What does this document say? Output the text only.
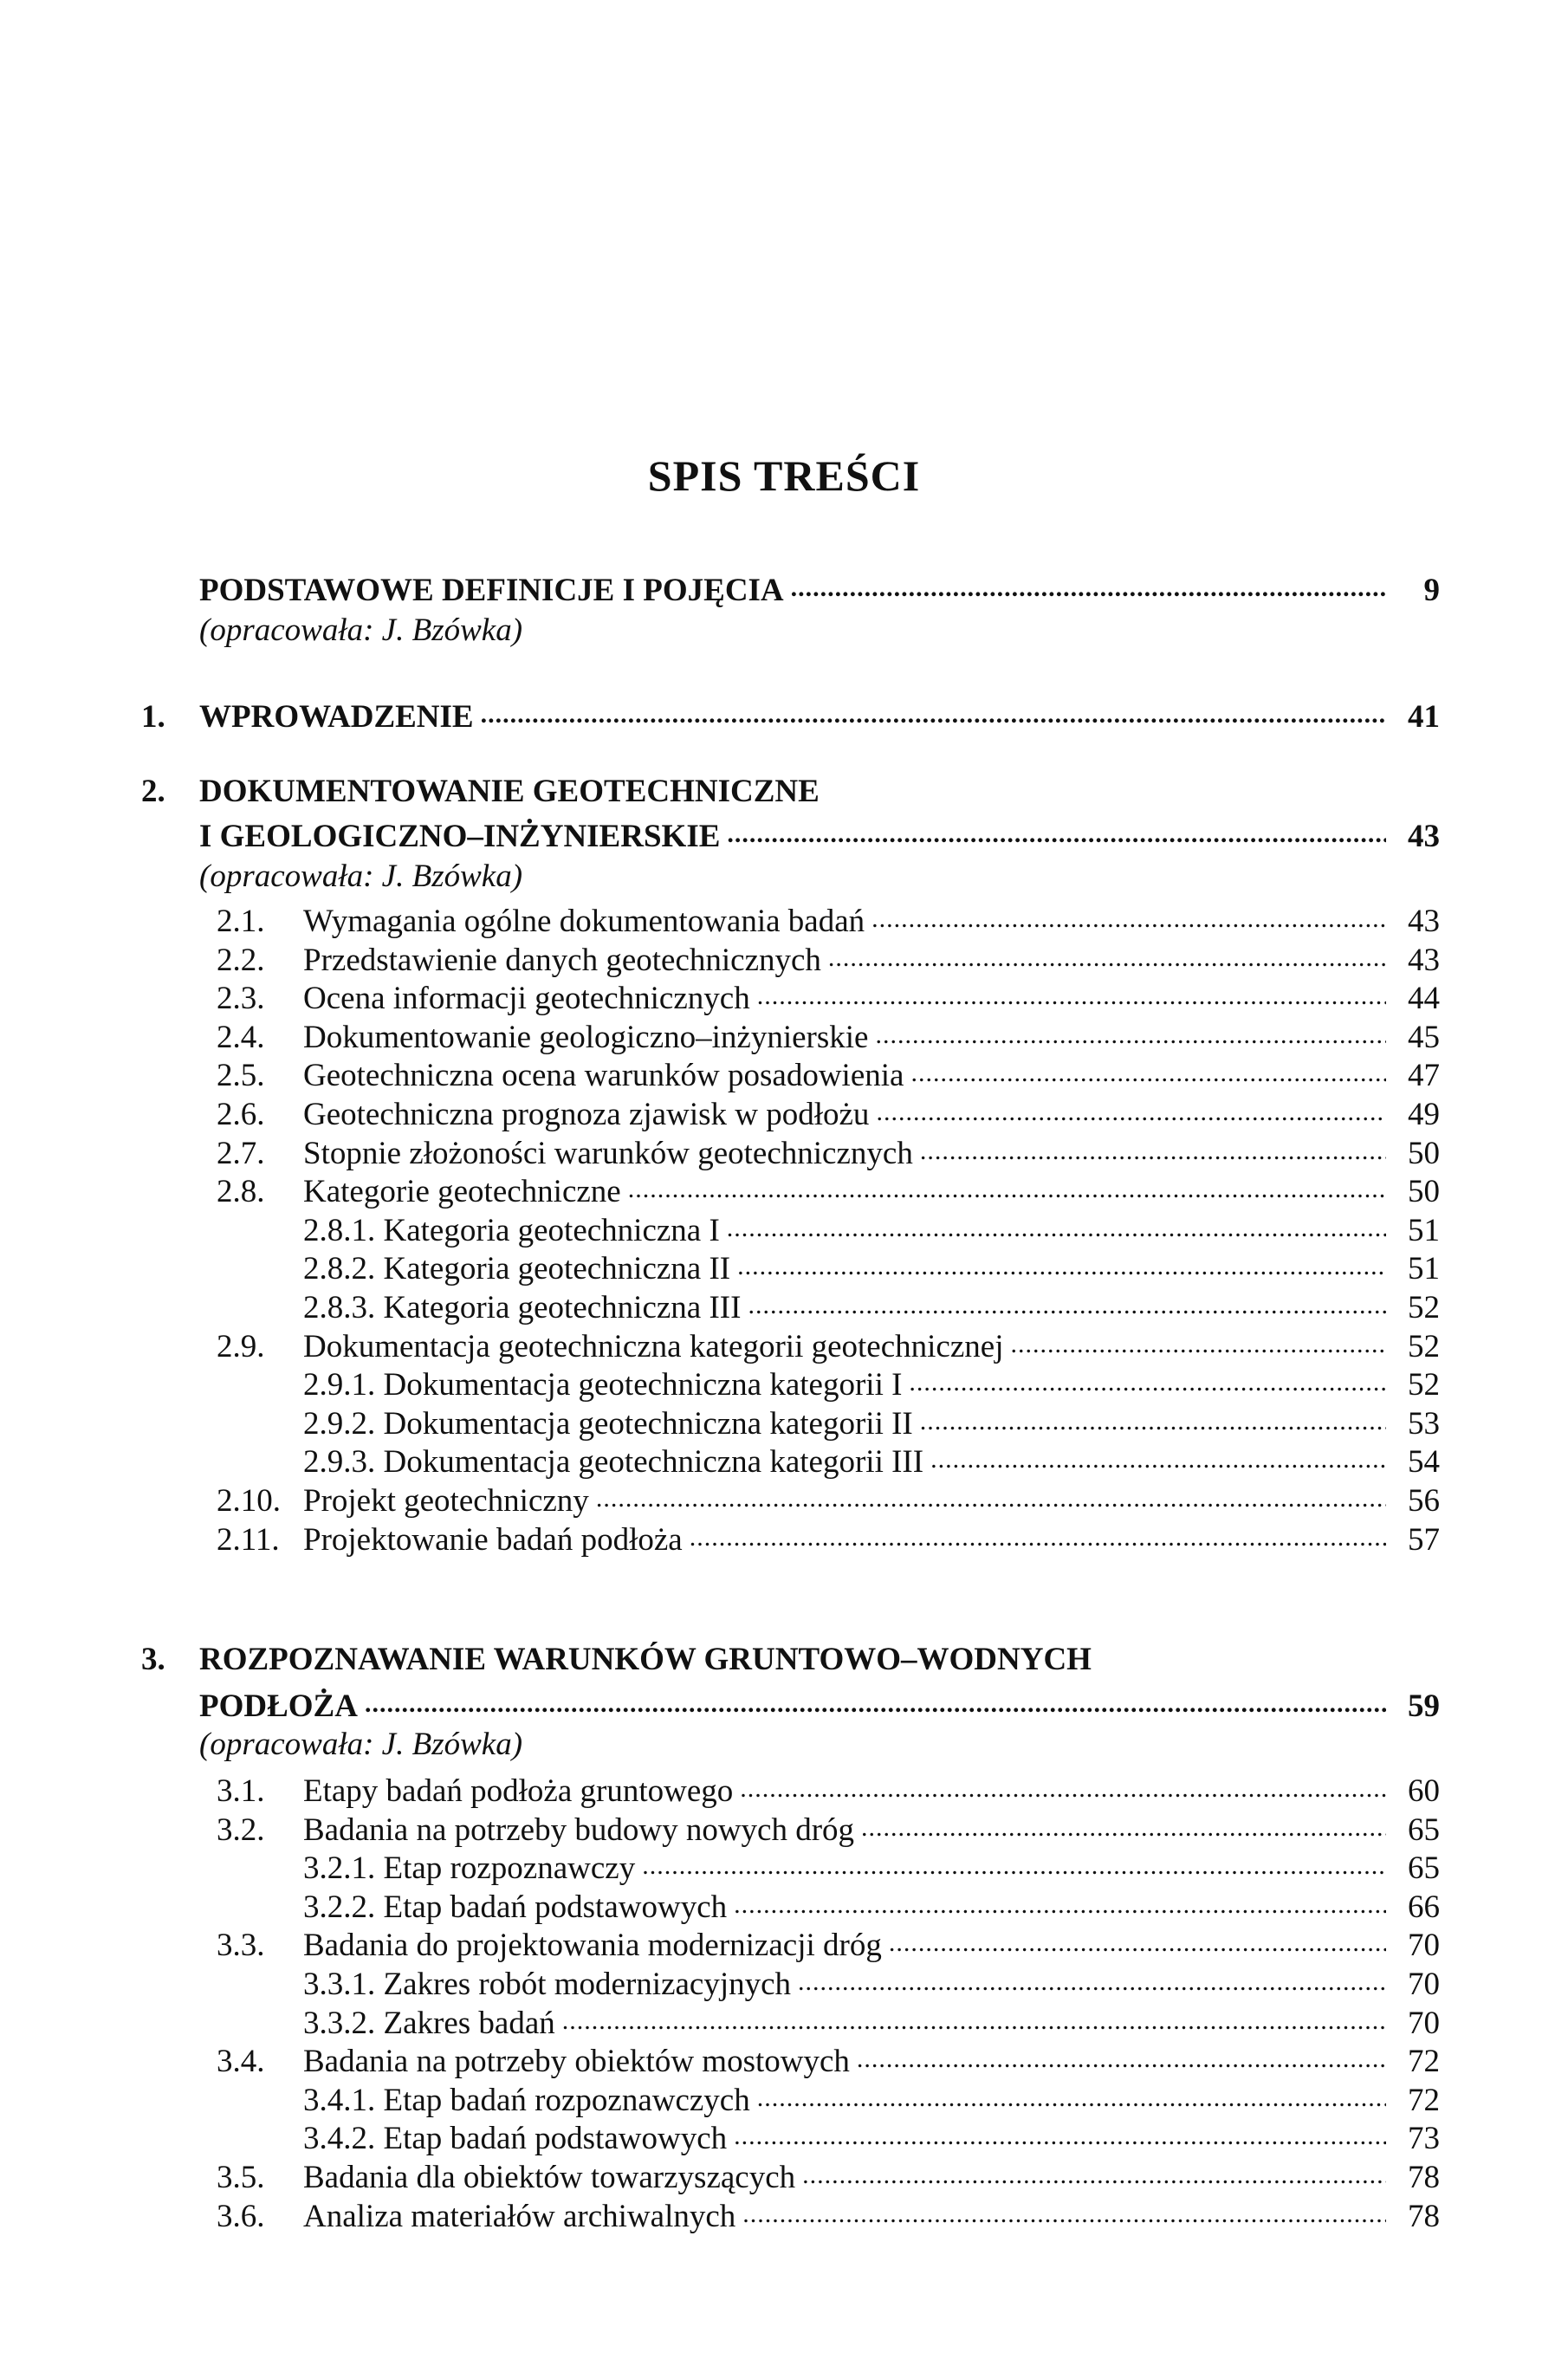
SPIS TREŚCI
PODSTAWOWE DEFINICJE I POJĘCIA .....	9
(opracowała: J. Bzówka)
1. WPROWADZENIE .....	41
2. DOKUMENTOWANIE GEOTECHNICZNE
I GEOLOGICZNO–INŻYNIERSKIE .....	43
(opracowała: J. Bzówka)
2.1. Wymagania ogólne dokumentowania badań .....	43
2.2. Przedstawienie danych geotechnicznych .....	43
2.3. Ocena informacji geotechnicznych .....	44
2.4. Dokumentowanie geologiczno–inżynierskie .....	45
2.5. Geotechniczna ocena warunków posadowienia .....	47
2.6. Geotechniczna prognoza zjawisk w podłożu .....	49
2.7. Stopnie złożoności warunków geotechnicznych .....	50
2.8. Kategorie geotechniczne .....	50
2.8.1. Kategoria geotechniczna I .....	51
2.8.2. Kategoria geotechniczna II .....	51
2.8.3. Kategoria geotechniczna III .....	52
2.9. Dokumentacja geotechniczna kategorii geotechnicznej .....	52
2.9.1. Dokumentacja geotechniczna kategorii I .....	52
2.9.2. Dokumentacja geotechniczna kategorii II .....	53
2.9.3. Dokumentacja geotechniczna kategorii III .....	54
2.10. Projekt geotechniczny .....	56
2.11. Projektowanie badań podłoża .....	57
3. ROZPOZNAWANIE WARUNKÓW GRUNTOWO–WODNYCH
PODŁOŻA .....	59
(opracowała: J. Bzówka)
3.1. Etapy badań podłoża gruntowego .....	60
3.2. Badania na potrzeby budowy nowych dróg .....	65
3.2.1. Etap rozpoznawczy .....	65
3.2.2. Etap badań podstawowych .....	66
3.3. Badania do projektowania modernizacji dróg .....	70
3.3.1. Zakres robót modernizacyjnych .....	70
3.3.2. Zakres badań .....	70
3.4. Badania na potrzeby obiektów mostowych .....	72
3.4.1. Etap badań rozpoznawczych .....	72
3.4.2. Etap badań podstawowych .....	73
3.5. Badania dla obiektów towarzyszących .....	78
3.6. Analiza materiałów archiwalnych .....	78
